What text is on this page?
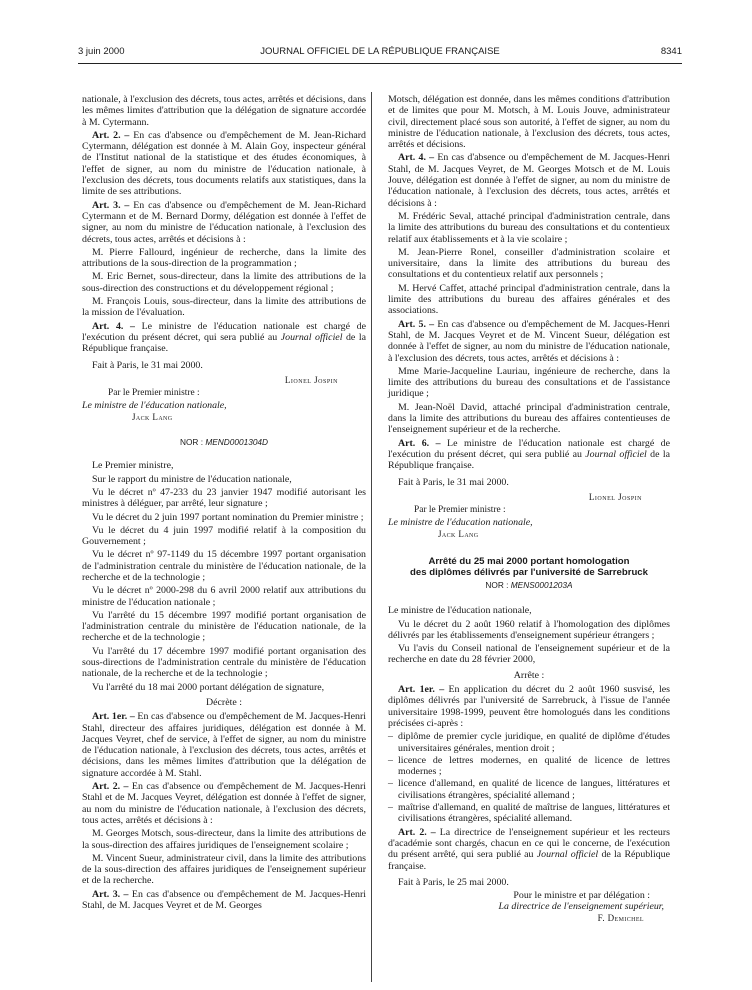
3 juin 2000	JOURNAL OFFICIEL DE LA RÉPUBLIQUE FRANÇAISE	8341

nationale, à l'exclusion des décrets, tous actes, arrêtés et décisions, dans les mêmes limites d'attribution que la délégation de signature accordée à M. Cytermann.

Art. 2. – En cas d'absence ou d'empêchement de M. Jean-Richard Cytermann, délégation est donnée à M. Alain Goy, inspecteur général de l'Institut national de la statistique et des études économiques, à l'effet de signer, au nom du ministre de l'éducation nationale, à l'exclusion des décrets, tous documents relatifs aux statistiques, dans la limite de ses attributions.

Art. 3. – En cas d'absence ou d'empêchement de M. Jean-Richard Cytermann et de M. Bernard Dormy, délégation est donnée à l'effet de signer, au nom du ministre de l'éducation nationale, à l'exclusion des décrets, tous actes, arrêtés et décisions à :

M. Pierre Fallourd, ingénieur de recherche, dans la limite des attributions de la sous-direction de la programmation ;

M. Eric Bernet, sous-directeur, dans la limite des attributions de la sous-direction des constructions et du développement régional ;

M. François Louis, sous-directeur, dans la limite des attributions de la mission de l'évaluation.

Art. 4. – Le ministre de l'éducation nationale est chargé de l'exécution du présent décret, qui sera publié au Journal officiel de la République française.

Fait à Paris, le 31 mai 2000.

Lionel Jospin

Par le Premier ministre :

Le ministre de l'éducation nationale,

Jack Lang

NOR : MEND0001304D

Le Premier ministre,

Sur le rapport du ministre de l'éducation nationale,

Vu le décret nº 47-233 du 23 janvier 1947 modifié autorisant les ministres à déléguer, par arrêté, leur signature ;

Vu le décret du 2 juin 1997 portant nomination du Premier ministre ;

Vu le décret du 4 juin 1997 modifié relatif à la composition du Gouvernement ;

Vu le décret nº 97-1149 du 15 décembre 1997 portant organisation de l'administration centrale du ministère de l'éducation nationale, de la recherche et de la technologie ;

Vu le décret nº 2000-298 du 6 avril 2000 relatif aux attributions du ministre de l'éducation nationale ;

Vu l'arrêté du 15 décembre 1997 modifié portant organisation de l'administration centrale du ministère de l'éducation nationale, de la recherche et de la technologie ;

Vu l'arrêté du 17 décembre 1997 modifié portant organisation des sous-directions de l'administration centrale du ministère de l'éducation nationale, de la recherche et de la technologie ;

Vu l'arrêté du 18 mai 2000 portant délégation de signature,

Décrète :

Art. 1er. – En cas d'absence ou d'empêchement de M. Jacques-Henri Stahl, directeur des affaires juridiques, délégation est donnée à M. Jacques Veyret, chef de service, à l'effet de signer, au nom du ministre de l'éducation nationale, à l'exclusion des décrets, tous actes, arrêtés et décisions, dans les mêmes limites d'attribution que la délégation de signature accordée à M. Stahl.

Art. 2. – En cas d'absence ou d'empêchement de M. Jacques-Henri Stahl et de M. Jacques Veyret, délégation est donnée à l'effet de signer, au nom du ministre de l'éducation nationale, à l'exclusion des décrets, tous actes, arrêtés et décisions à :

M. Georges Motsch, sous-directeur, dans la limite des attributions de la sous-direction des affaires juridiques de l'enseignement scolaire ;

M. Vincent Sueur, administrateur civil, dans la limite des attributions de la sous-direction des affaires juridiques de l'enseignement supérieur et de la recherche.

Art. 3. – En cas d'absence ou d'empêchement de M. Jacques-Henri Stahl, de M. Jacques Veyret et de M. Georges

Motsch, délégation est donnée, dans les mêmes conditions d'attribution et de limites que pour M. Motsch, à M. Louis Jouve, administrateur civil, directement placé sous son autorité, à l'effet de signer, au nom du ministre de l'éducation nationale, à l'exclusion des décrets, tous actes, arrêtés et décisions.

Art. 4. – En cas d'absence ou d'empêchement de M. Jacques-Henri Stahl, de M. Jacques Veyret, de M. Georges Motsch et de M. Louis Jouve, délégation est donnée à l'effet de signer, au nom du ministre de l'éducation nationale, à l'exclusion des décrets, tous actes, arrêtés et décisions à :

M. Frédéric Seval, attaché principal d'administration centrale, dans la limite des attributions du bureau des consultations et du contentieux relatif aux établissements et à la vie scolaire ;

M. Jean-Pierre Ronel, conseiller d'administration scolaire et universitaire, dans la limite des attributions du bureau des consultations et du contentieux relatif aux personnels ;

M. Hervé Caffet, attaché principal d'administration centrale, dans la limite des attributions du bureau des affaires générales et des associations.

Art. 5. – En cas d'absence ou d'empêchement de M. Jacques-Henri Stahl, de M. Jacques Veyret et de M. Vincent Sueur, délégation est donnée à l'effet de signer, au nom du ministre de l'éducation nationale, à l'exclusion des décrets, tous actes, arrêtés et décisions à :

Mme Marie-Jacqueline Lauriau, ingénieure de recherche, dans la limite des attributions du bureau des consultations et de l'assistance juridique ;

M. Jean-Noël David, attaché principal d'administration centrale, dans la limite des attributions du bureau des affaires contentieuses de l'enseignement supérieur et de la recherche.

Art. 6. – Le ministre de l'éducation nationale est chargé de l'exécution du présent décret, qui sera publié au Journal officiel de la République française.

Fait à Paris, le 31 mai 2000.

Lionel Jospin

Par le Premier ministre :

Le ministre de l'éducation nationale,

Jack Lang

Arrêté du 25 mai 2000 portant homologation
des diplômes délivrés par l'université de Sarrebruck

NOR : MENS0001203A

Le ministre de l'éducation nationale,

Vu le décret du 2 août 1960 relatif à l'homologation des diplômes délivrés par les établissements d'enseignement supérieur étrangers ;

Vu l'avis du Conseil national de l'enseignement supérieur et de la recherche en date du 28 février 2000,

Arrête :

Art. 1er. – En application du décret du 2 août 1960 susvisé, les diplômes délivrés par l'université de Sarrebruck, à l'issue de l'année universitaire 1998-1999, peuvent être homologués dans les conditions précisées ci-après :

– diplôme de premier cycle juridique, en qualité de diplôme d'études universitaires générales, mention droit ;
– licence de lettres modernes, en qualité de licence de lettres modernes ;
– licence d'allemand, en qualité de licence de langues, littératures et civilisations étrangères, spécialité allemand ;
– maîtrise d'allemand, en qualité de maîtrise de langues, littératures et civilisations étrangères, spécialité allemand.

Art. 2. – La directrice de l'enseignement supérieur et les recteurs d'académie sont chargés, chacun en ce qui le concerne, de l'exécution du présent arrêté, qui sera publié au Journal officiel de la République française.

Fait à Paris, le 25 mai 2000.

Pour le ministre et par délégation :

La directrice de l'enseignement supérieur,

F. Demichel
